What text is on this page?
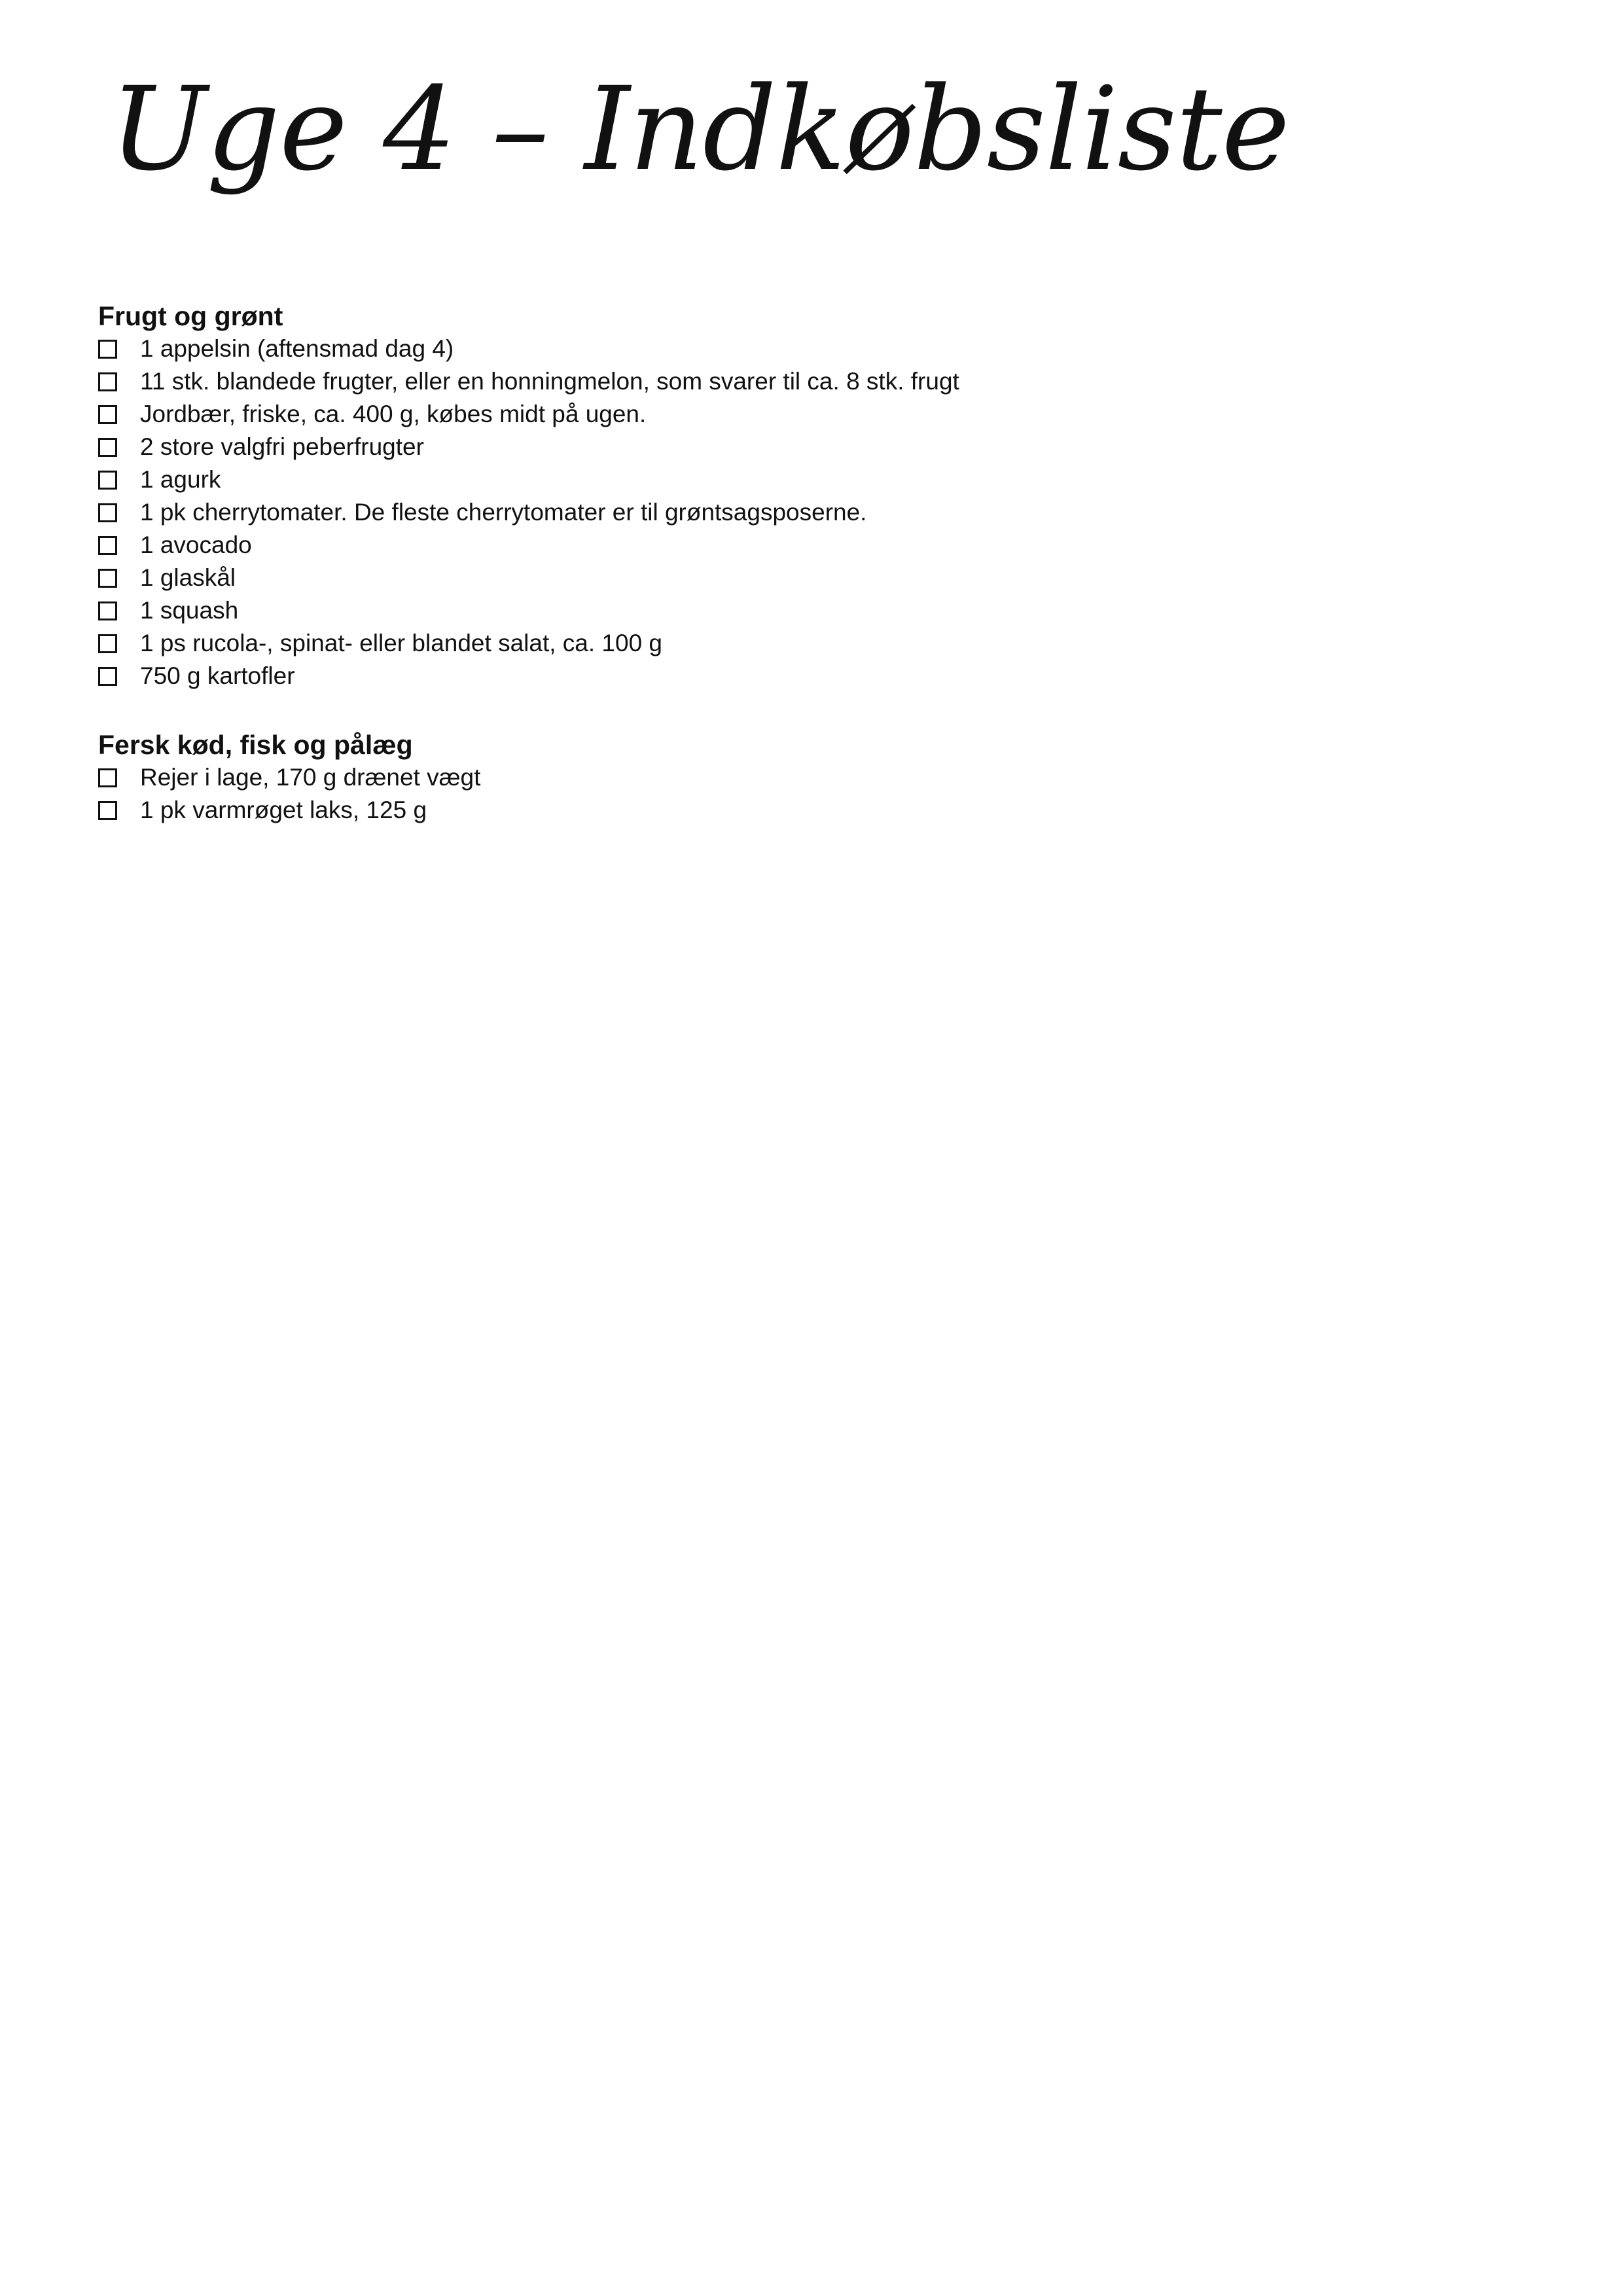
Uge 4 – Indkøbsliste
Frugt og grønt
1 appelsin (aftensmad dag 4)
11 stk. blandede frugter, eller en honningmelon, som svarer til ca. 8 stk. frugt
Jordbær, friske, ca. 400 g, købes midt på ugen.
2 store valgfri peberfrugter
1 agurk
1 pk cherrytomater. De fleste cherrytomater er til grøntsagsposerne.
1 avocado
1 glaskål
1 squash
1 ps rucola-, spinat- eller blandet salat, ca. 100 g
750 g kartofler
Fersk kød, fisk og pålæg
Rejer i lage, 170 g drænet vægt
1 pk varmrøget laks, 125 g
